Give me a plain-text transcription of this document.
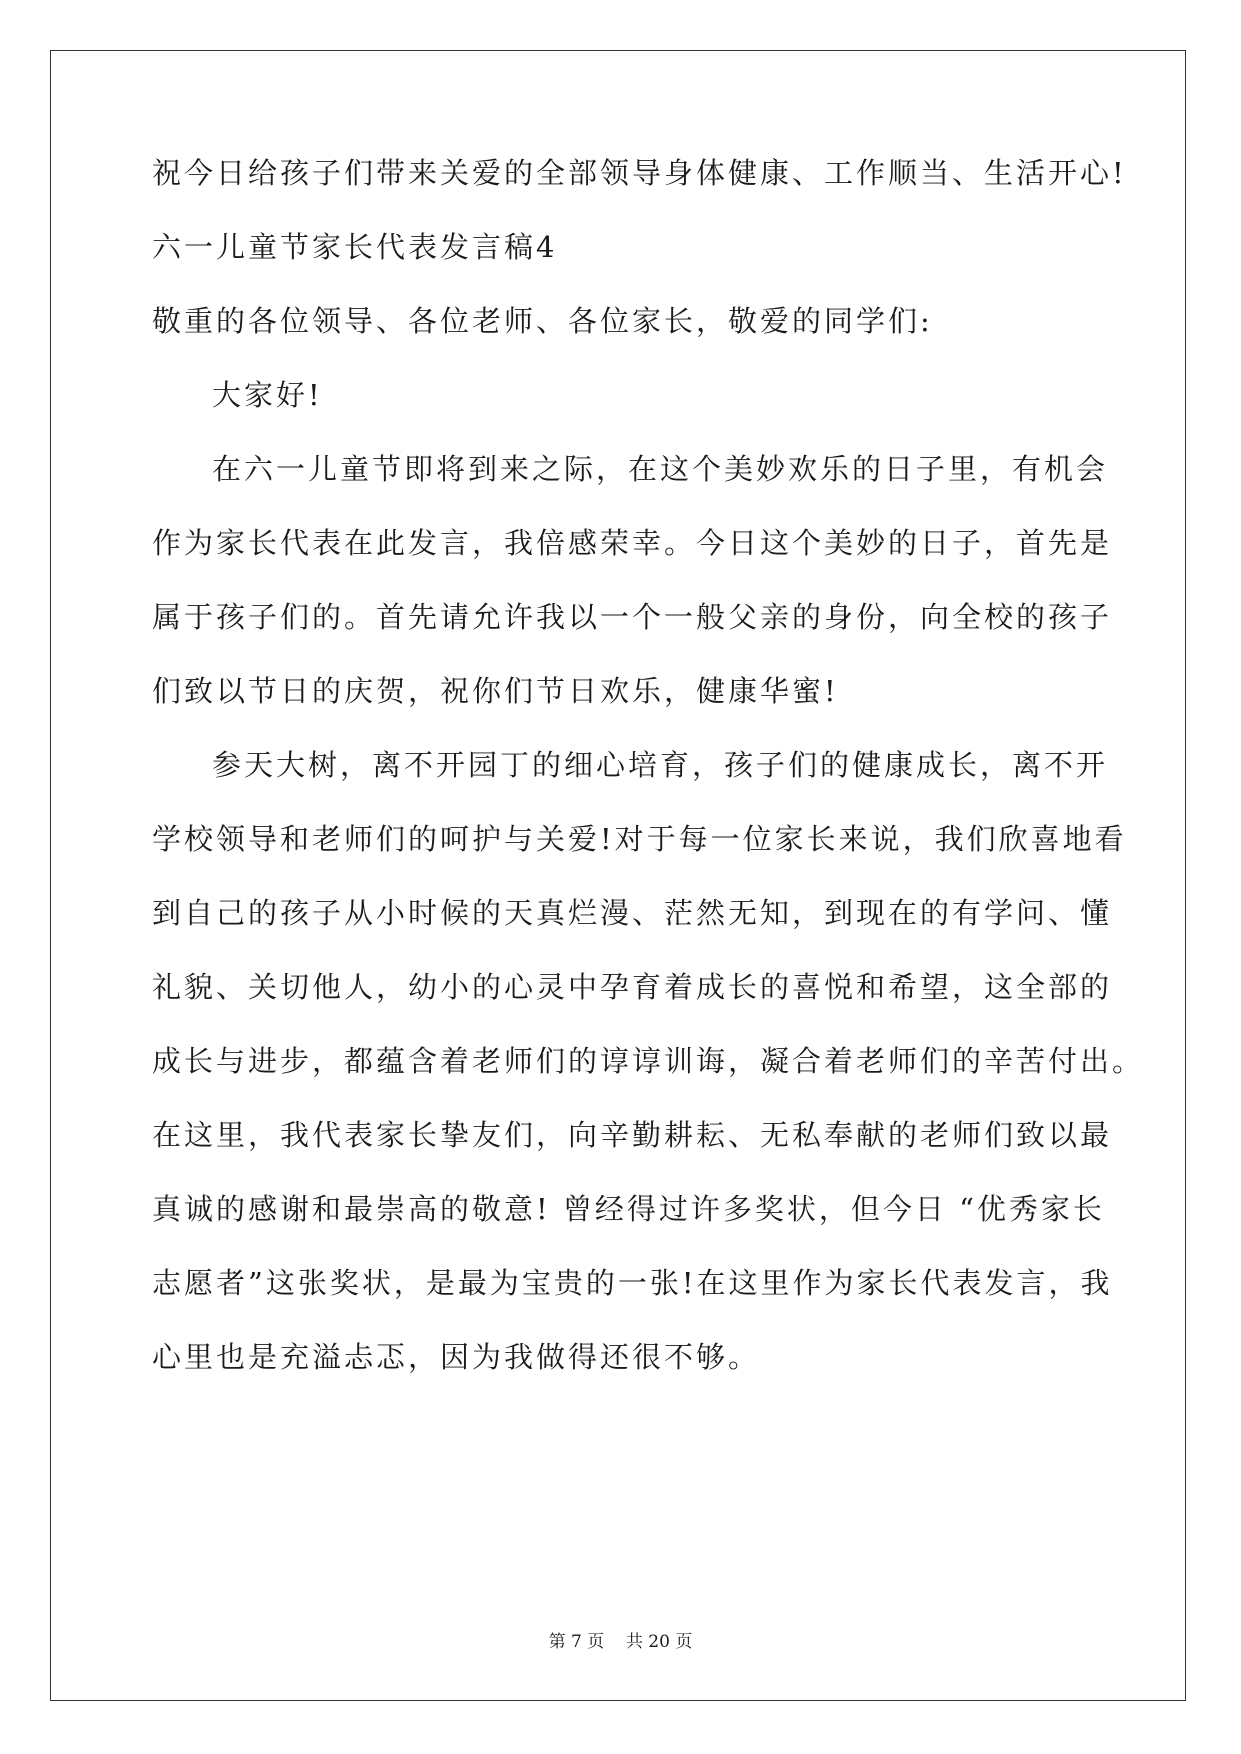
祝今日给孩子们带来关爱的全部领导身体健康、工作顺当、生活开心!
六一儿童节家长代表发言稿4
敬重的各位领导、各位老师、各位家长，敬爱的同学们:
大家好!
在六一儿童节即将到来之际，在这个美妙欢乐的日子里，有机会
作为家长代表在此发言，我倍感荣幸。今日这个美妙的日子，首先是
属于孩子们的。首先请允许我以一个一般父亲的身份，向全校的孩子
们致以节日的庆贺，祝你们节日欢乐，健康华蜜!
参天大树，离不开园丁的细心培育，孩子们的健康成长，离不开
学校领导和老师们的呵护与关爱!对于每一位家长来说，我们欣喜地看
到自己的孩子从小时候的天真烂漫、茫然无知，到现在的有学问、懂
礼貌、关切他人，幼小的心灵中孕育着成长的喜悦和希望，这全部的
成长与进步，都蕴含着老师们的谆谆训诲，凝合着老师们的辛苦付出。
在这里，我代表家长挚友们，向辛勤耕耘、无私奉献的老师们致以最
真诚的感谢和最崇高的敬意! 曾经得过许多奖状，但今日 “优秀家长
志愿者”这张奖状，是最为宝贵的一张!在这里作为家长代表发言，我
心里也是充溢忐忑，因为我做得还很不够。
第 7 页    共 20 页
